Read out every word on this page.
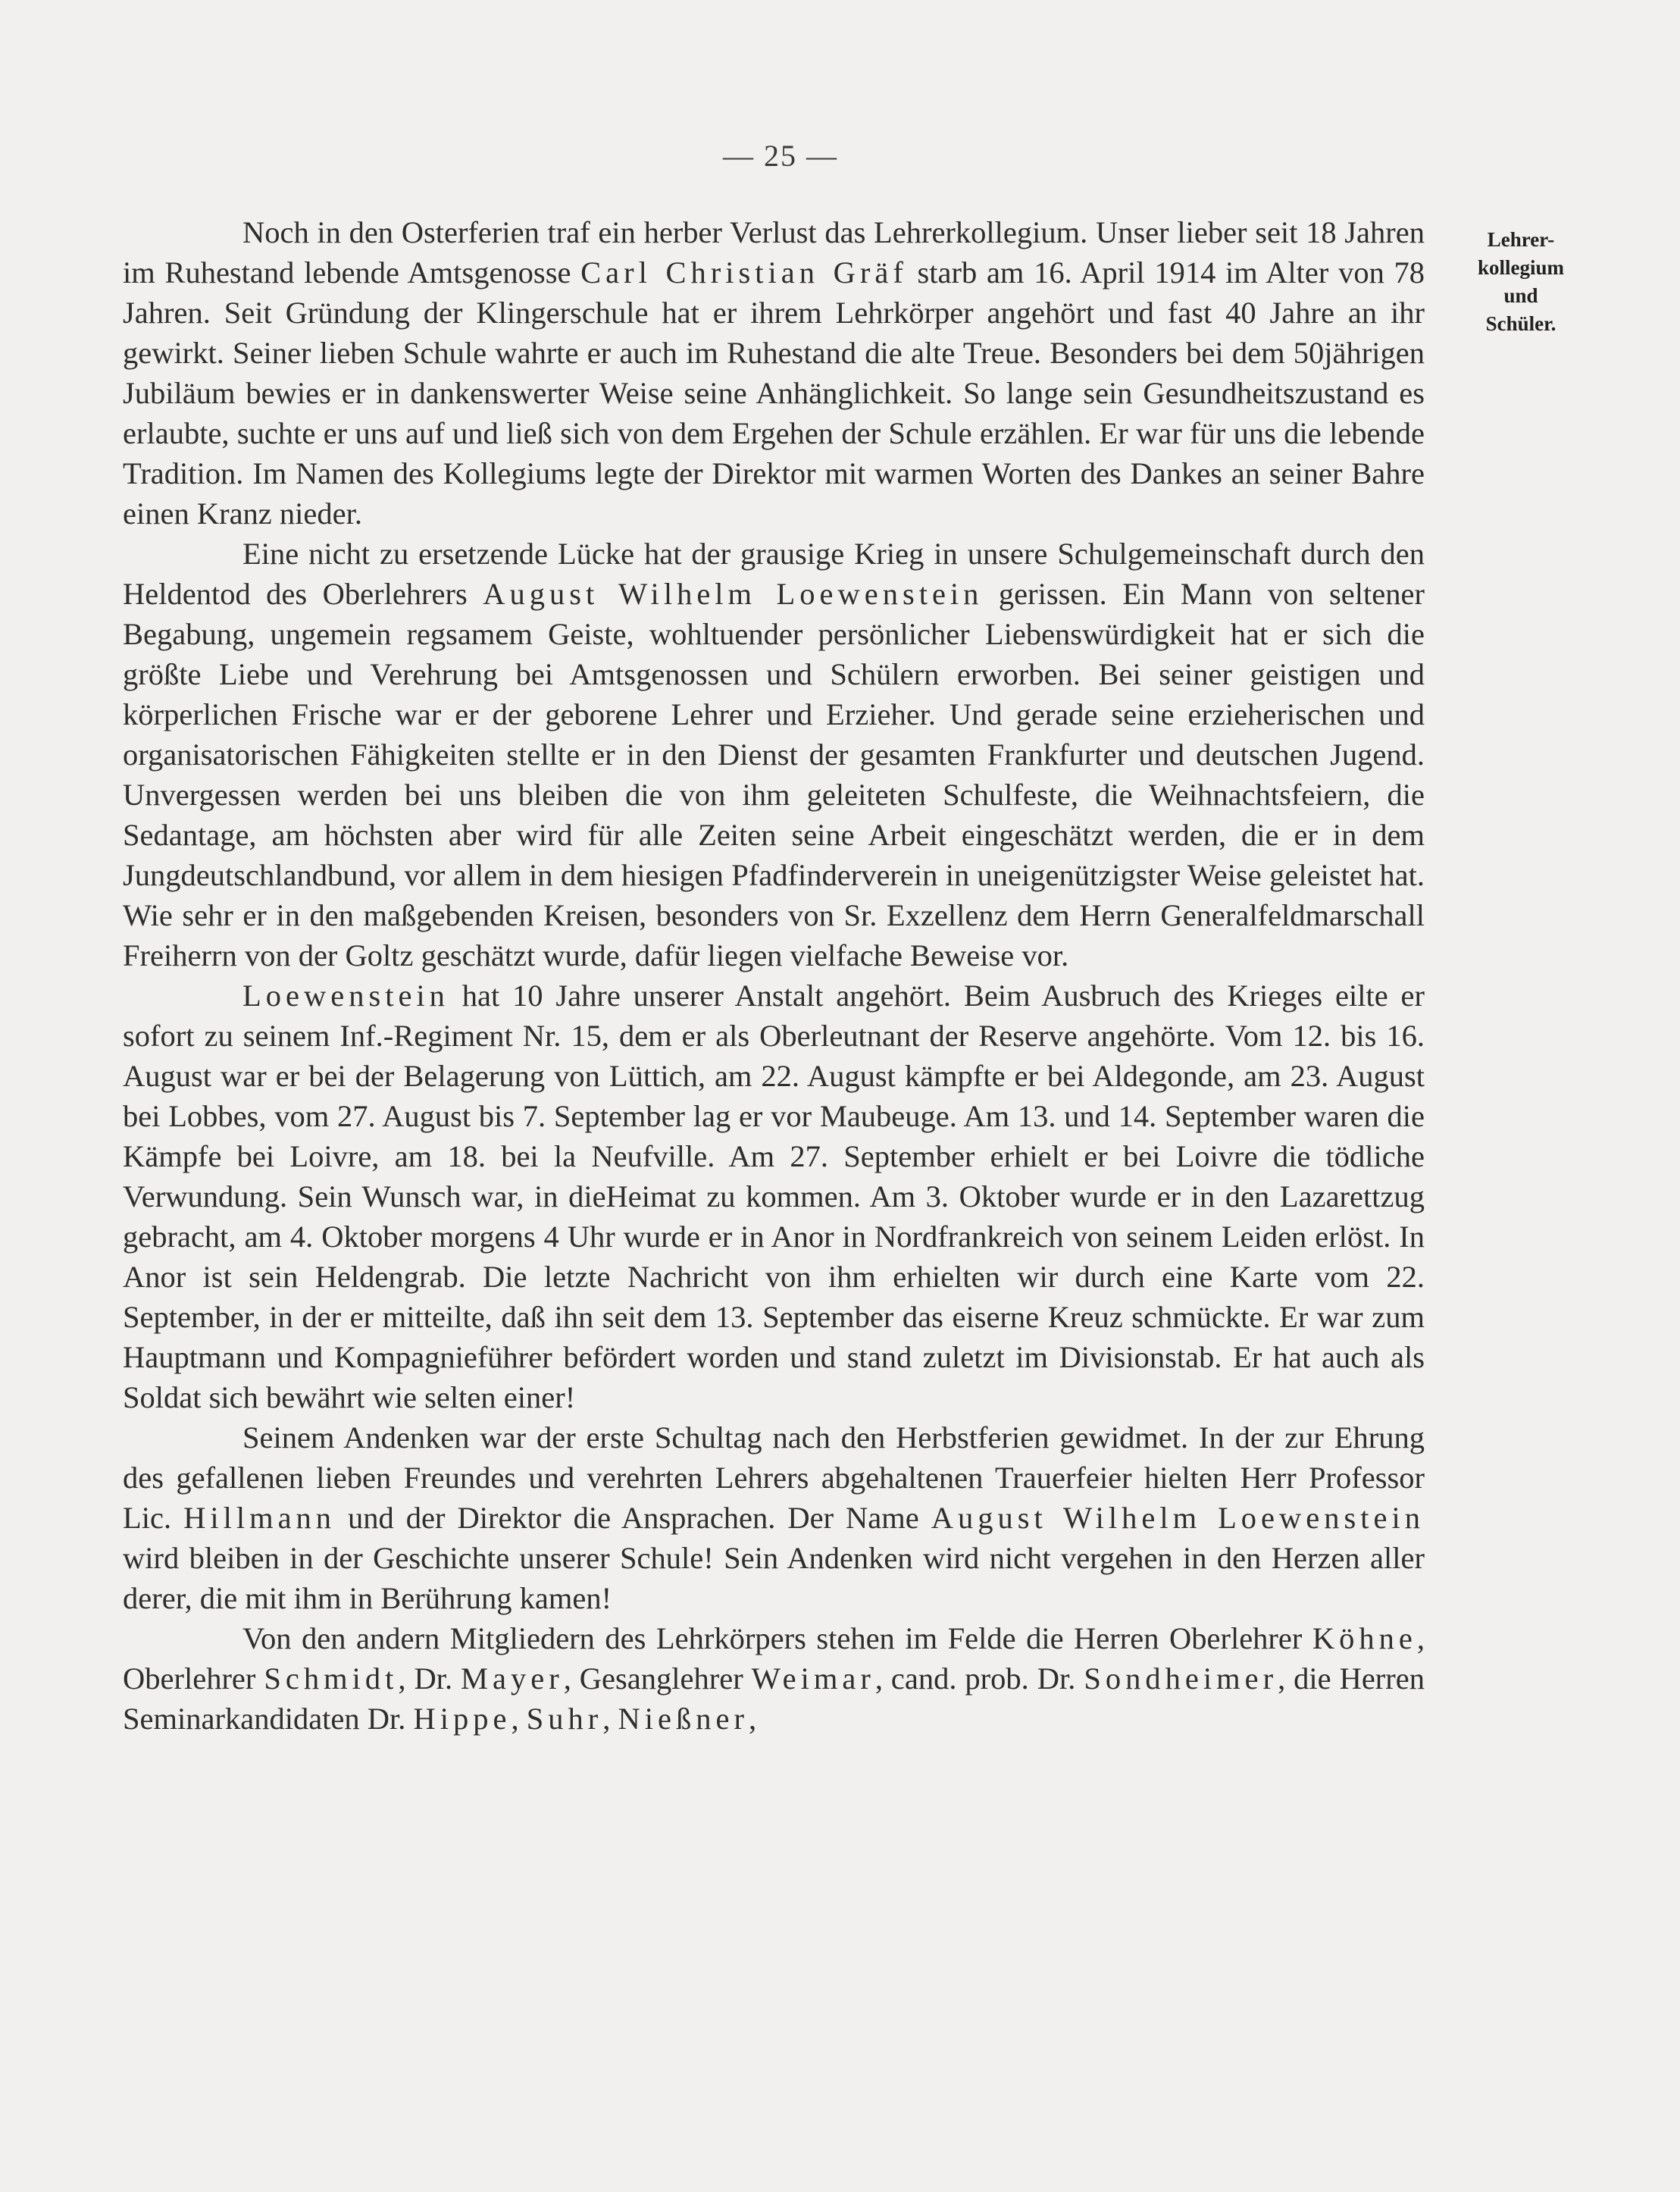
— 25 —
Lehrer-
kollegium
und
Schüler.

Noch in den Osterferien traf ein herber Verlust das Lehrerkollegium. Unser lieber seit 18 Jahren im Ruhestand lebende Amtsgenosse Carl Christian Gräf starb am 16. April 1914 im Alter von 78 Jahren. Seit Gründung der Klingerschule hat er ihrem Lehrkörper angehört und fast 40 Jahre an ihr gewirkt. Seiner lieben Schule wahrte er auch im Ruhestand die alte Treue. Besonders bei dem 50jährigen Jubiläum bewies er in dankenswerter Weise seine Anhänglichkeit. So lange sein Gesundheitszustand es erlaubte, suchte er uns auf und ließ sich von dem Ergehen der Schule erzählen. Er war für uns die lebende Tradition. Im Namen des Kollegiums legte der Direktor mit warmen Worten des Dankes an seiner Bahre einen Kranz nieder.

Eine nicht zu ersetzende Lücke hat der grausige Krieg in unsere Schulgemeinschaft durch den Heldentod des Oberlehrers August Wilhelm Loewenstein gerissen. Ein Mann von seltener Begabung, ungemein regsamem Geiste, wohltuender persönlicher Liebenswürdigkeit hat er sich die größte Liebe und Verehrung bei Amtsgenossen und Schülern erworben. Bei seiner geistigen und körperlichen Frische war er der geborene Lehrer und Erzieher. Und gerade seine erzieherischen und organisatorischen Fähigkeiten stellte er in den Dienst der gesamten Frankfurter und deutschen Jugend. Unvergessen werden bei uns bleiben die von ihm geleiteten Schulfeste, die Weihnachtsfeiern, die Sedantage, am höchsten aber wird für alle Zeiten seine Arbeit eingeschätzt werden, die er in dem Jungdeutschlandbund, vor allem in dem hiesigen Pfadfinderverein in uneigenützigster Weise geleistet hat. Wie sehr er in den maßgebenden Kreisen, besonders von Sr. Exzellenz dem Herrn Generalfeldmarschall Freiherrn von der Goltz geschätzt wurde, dafür liegen vielfache Beweise vor.

Loewenstein hat 10 Jahre unserer Anstalt angehört. Beim Ausbruch des Krieges eilte er sofort zu seinem Inf.-Regiment Nr. 15, dem er als Oberleutnant der Reserve angehörte. Vom 12. bis 16. August war er bei der Belagerung von Lüttich, am 22. August kämpfte er bei Aldegonde, am 23. August bei Lobbes, vom 27. August bis 7. September lag er vor Maubeuge. Am 13. und 14. September waren die Kämpfe bei Loivre, am 18. bei la Neufville. Am 27. September erhielt er bei Loivre die tödliche Verwundung. Sein Wunsch war, in dieHeimat zu kommen. Am 3. Oktober wurde er in den Lazarettzug gebracht, am 4. Oktober morgens 4 Uhr wurde er in Anor in Nordfrankreich von seinem Leiden erlöst. In Anor ist sein Heldengrab. Die letzte Nachricht von ihm erhielten wir durch eine Karte vom 22. September, in der er mitteilte, daß ihn seit dem 13. September das eiserne Kreuz schmückte. Er war zum Hauptmann und Kompagnieführer befördert worden und stand zuletzt im Divisionstab. Er hat auch als Soldat sich bewährt wie selten einer!

Seinem Andenken war der erste Schultag nach den Herbstferien gewidmet. In der zur Ehrung des gefallenen lieben Freundes und verehrten Lehrers abgehaltenen Trauerfeier hielten Herr Professor Lic. Hillmann und der Direktor die Ansprachen. Der Name August Wilhelm Loewenstein wird bleiben in der Geschichte unserer Schule! Sein Andenken wird nicht vergehen in den Herzen aller derer, die mit ihm in Berührung kamen!

Von den andern Mitgliedern des Lehrkörpers stehen im Felde die Herren Oberlehrer Köhne, Oberlehrer Schmidt, Dr. Mayer, Gesanglehrer Weimar, cand. prob. Dr. Sondheimer, die Herren Seminarkandidaten Dr. Hippe, Suhr, Nießner,
